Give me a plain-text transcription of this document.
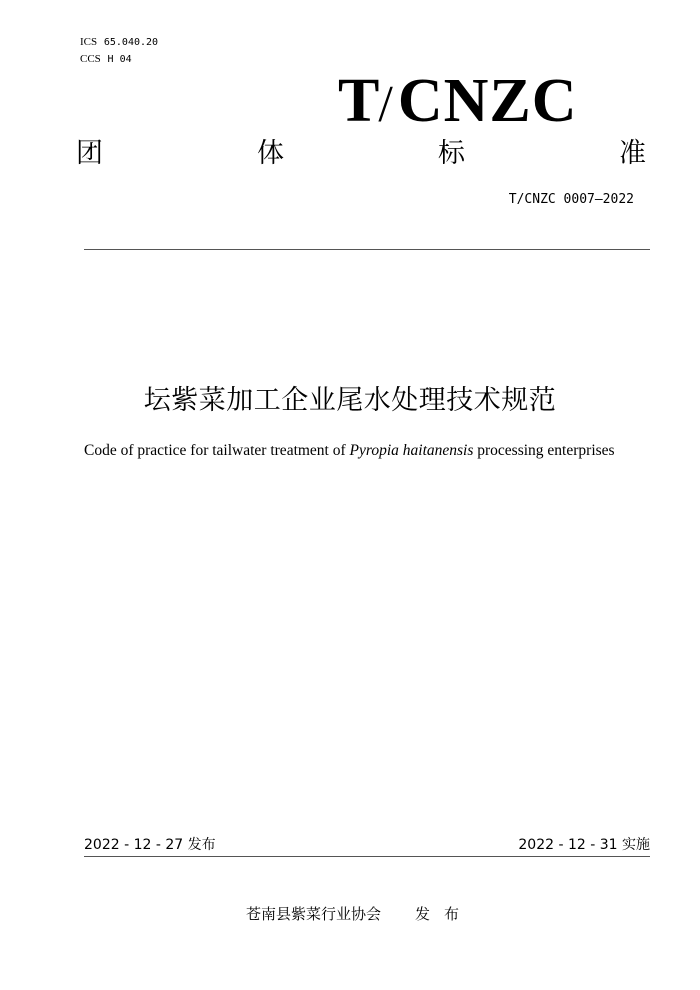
ICS 65.040.20
CCS H 04
T/CNZC
团	体	标	准
T/CNZC 0007—2022
坛紫菜加工企业尾水处理技术规范
Code of practice for tailwater treatment of Pyropia haitanensis processing enterprises
2022 - 12 - 27 发布	2022 - 12 - 31 实施
苍南县紫菜行业协会 发布
